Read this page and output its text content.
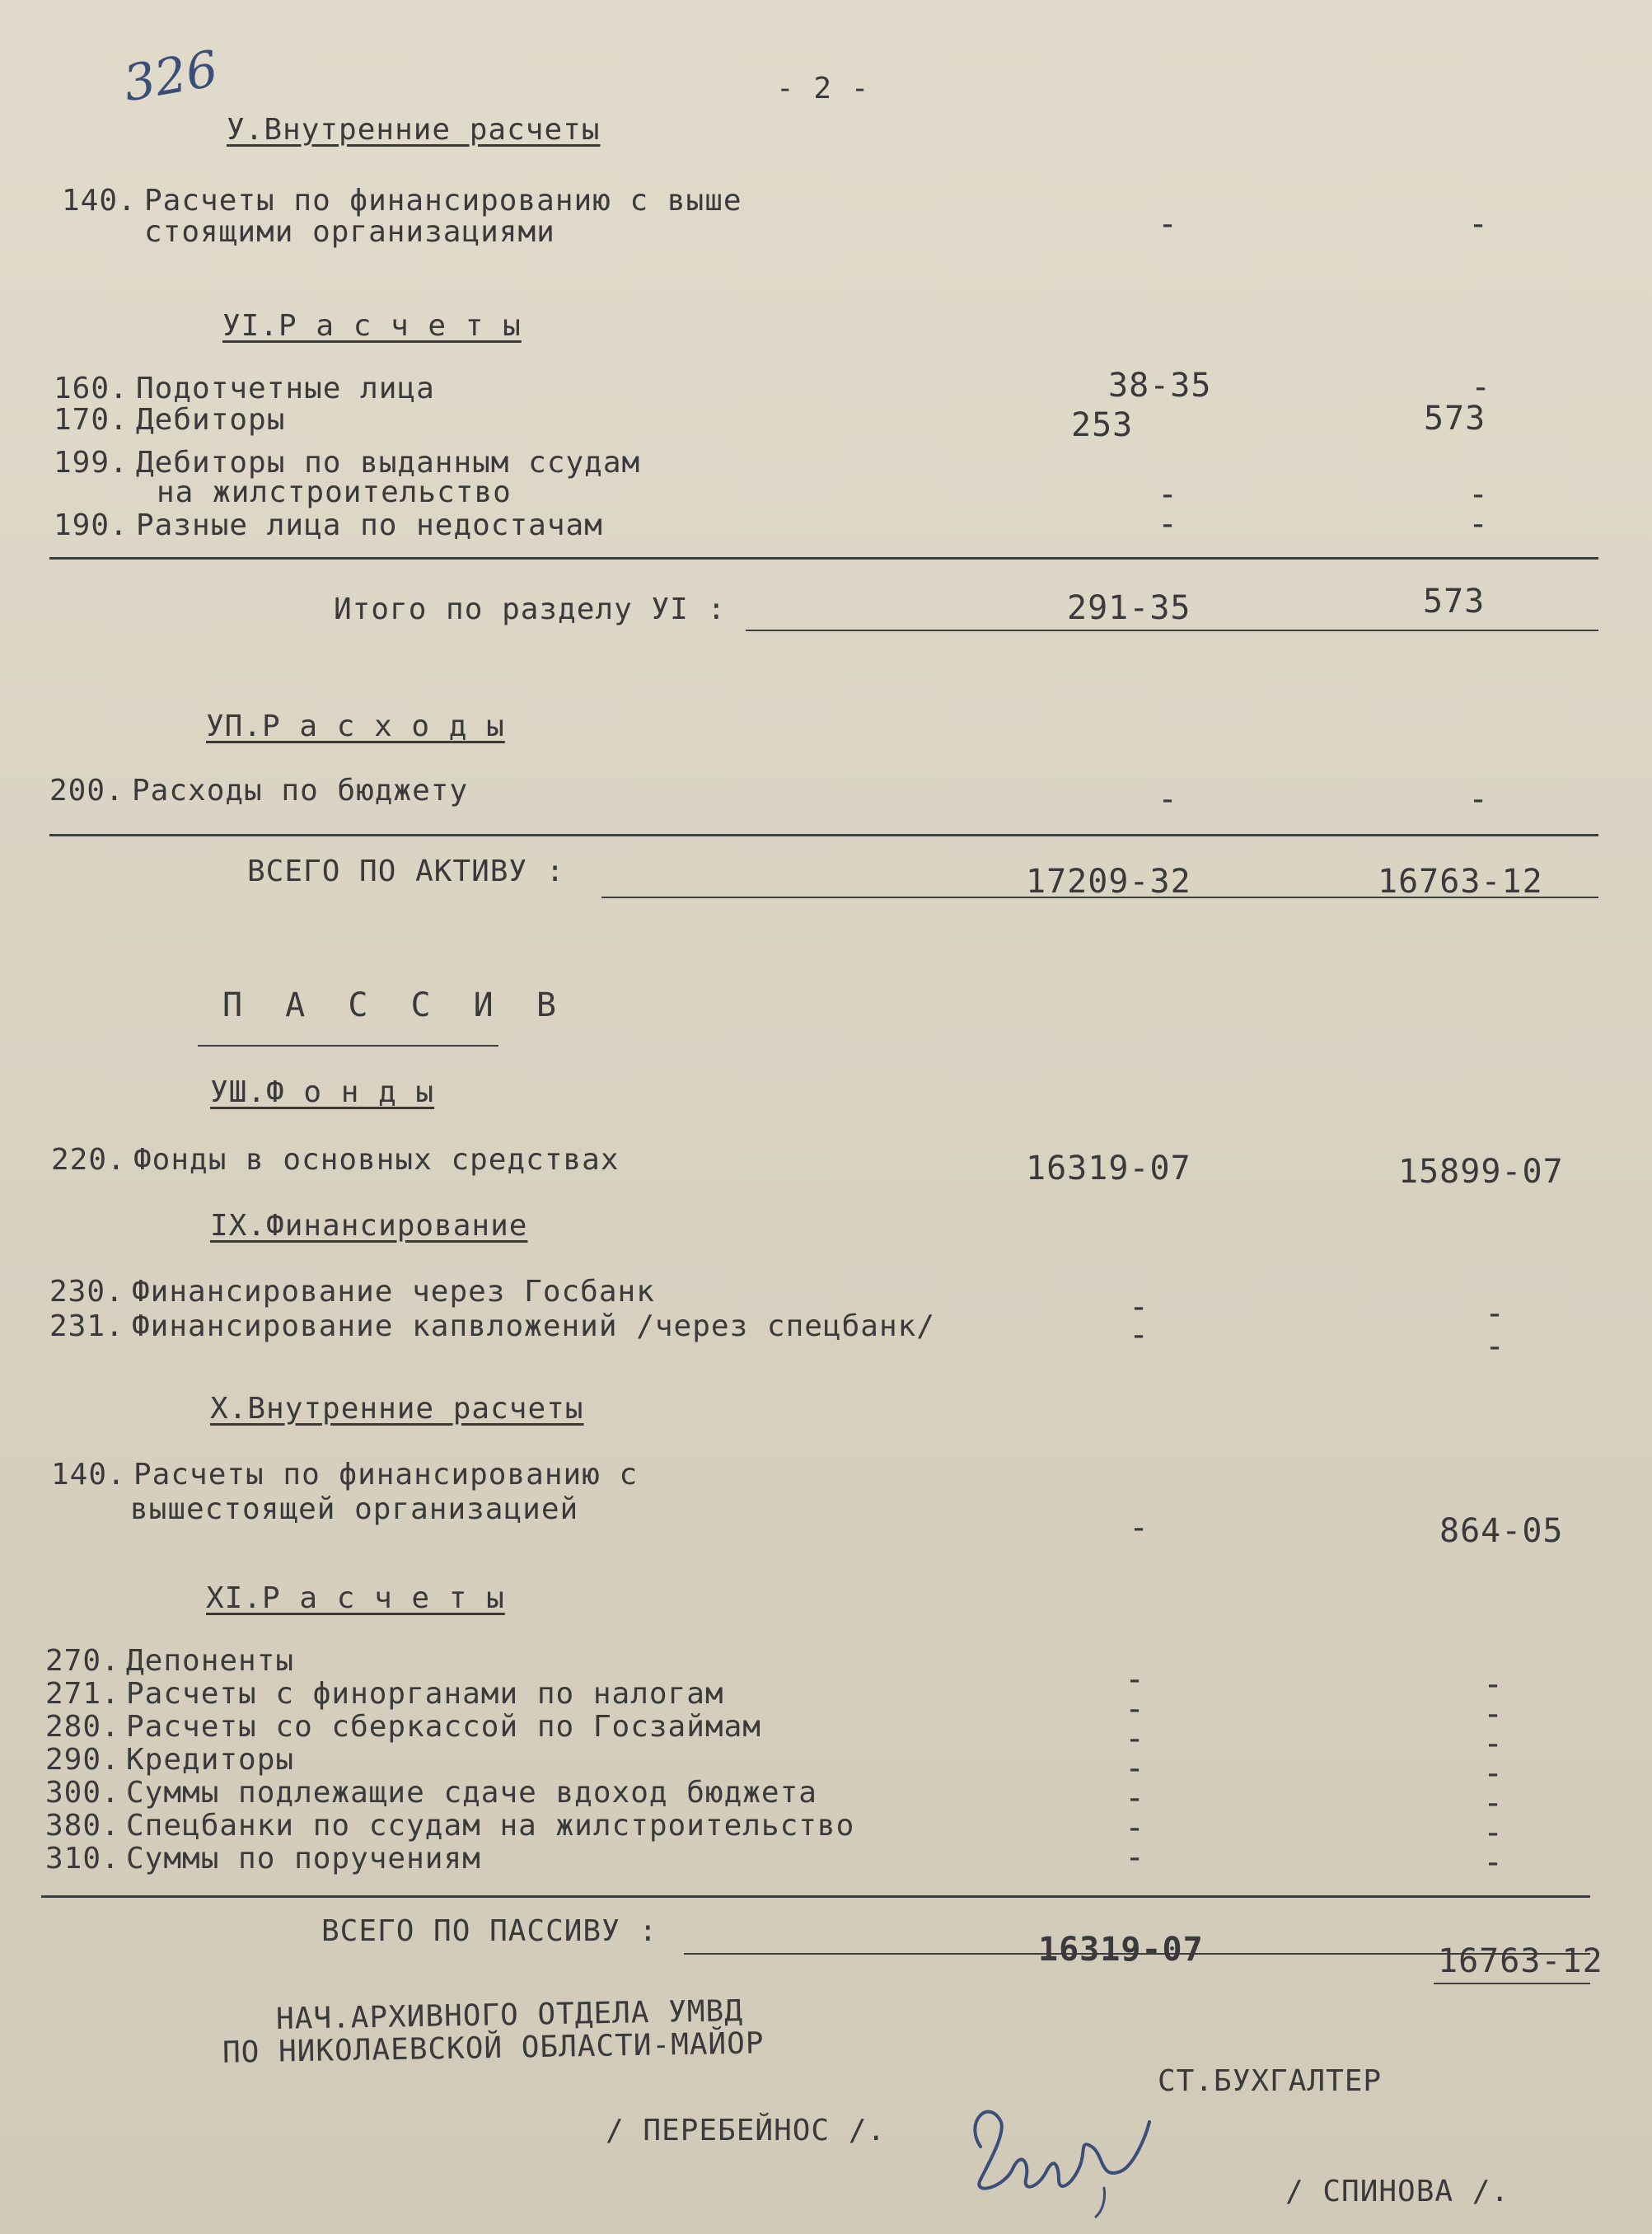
326	- 2 -
У.Внутренние расчеты
140. Расчеты по финансированию с выше
стоящими организациями	-	-
УI.Р а с ч е т ы
160. Подотчетные лица	38-35	-
170. Дебиторы	253	573
199. Дебиторы по выданным ссудам
на жилстроительство	-	-
190. Разные лица по недостачам	-	-
Итого по разделу УI :	291-35	573
УП.Р а с х о д ы
200. Расходы по бюджету	-	-
ВСЕГО ПО АКТИВУ :	17209-32	16763-12
П А С С И В
УШ.Ф о н д ы
220. Фонды в основных средствах	16319-07	15899-07
IX.Финансирование
230. Финансирование через Госбанк	-	-
231. Финансирование капвложений /через спецбанк/	-	-
X.Внутренние расчеты
140. Расчеты по финансированию с
вышестоящей организацией	-	864-05
XI.Р а с ч е т ы
270. Депоненты	-	-
271. Расчеты с финорганами по налогам	-	-
280. Расчеты со сберкассой по Госзаймам	-	-
290. Кредиторы	-	-
300. Суммы подлежащие сдаче вдоход бюджета	-	-
380. Спецбанки по ссудам на жилстроительство	-	-
310. Суммы по поручениям	-	-
ВСЕГО ПО ПАССИВУ :	16319-07	16763-12
НАЧ.АРХИВНОГО ОТДЕЛА УМВД
ПО НИКОЛАЕВСКОЙ ОБЛАСТИ-МАЙОР
/ ПЕРЕБЕЙНОС /.
СТ.БУХГАЛТЕР
/ СПИНОВА /.
